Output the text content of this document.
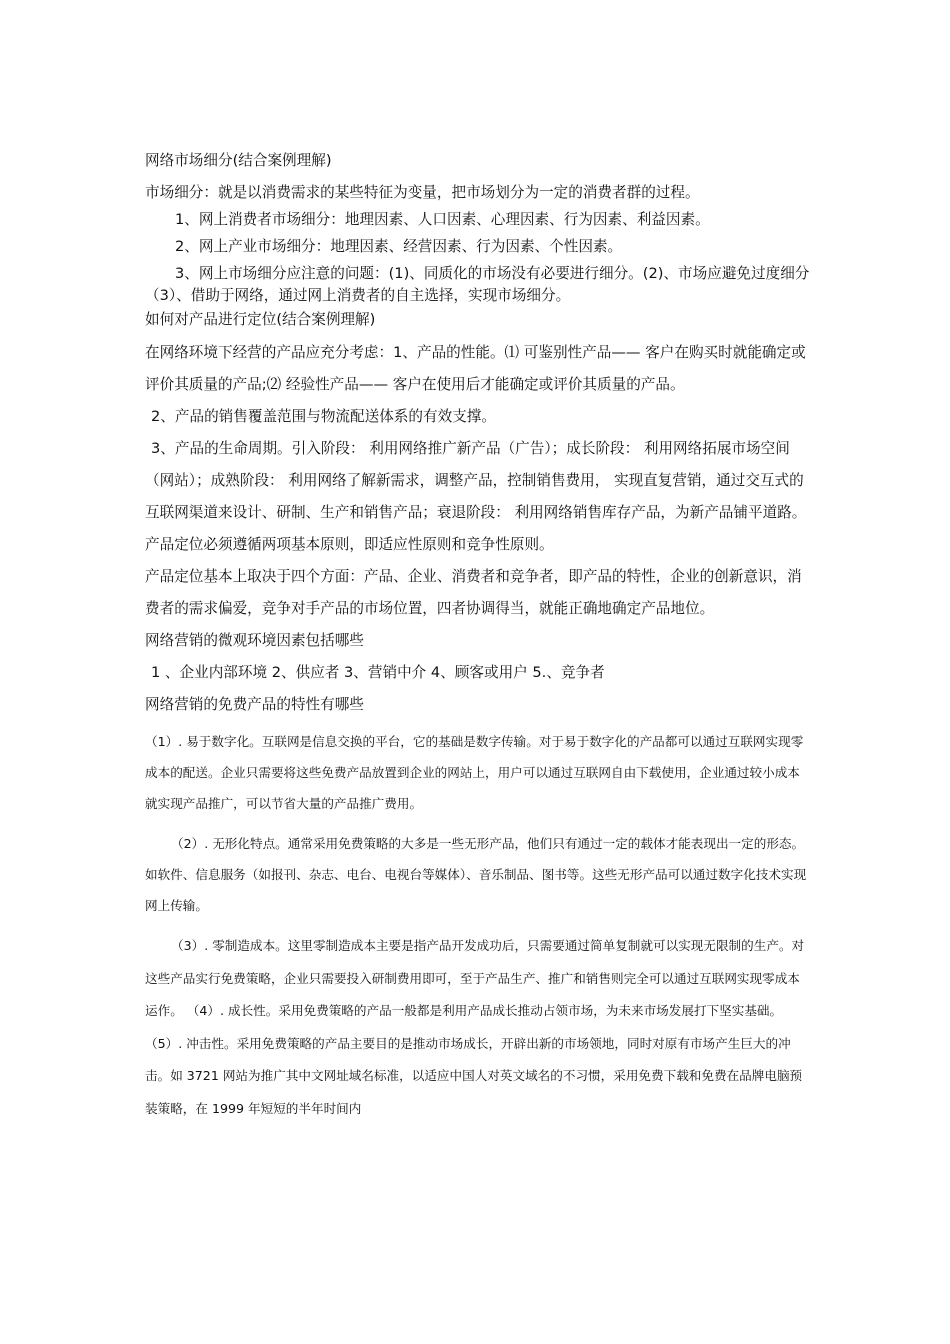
网络市场细分(结合案例理解)

市场细分：就是以消费需求的某些特征为变量，把市场划分为一定的消费者群的过程。

1、网上消费者市场细分：地理因素、人口因素、心理因素、行为因素、利益因素。

2、网上产业市场细分：地理因素、经营因素、行为因素、个性因素。

3、网上市场细分应注意的问题：(1)、同质化的市场没有必要进行细分。(2)、市场应避免过度细分（3）、借助于网络，通过网上消费者的自主选择，实现市场细分。

如何对产品进行定位(结合案例理解)

在网络环境下经营的产品应充分考虑：1、产品的性能。⑴ 可鉴别性产品—— 客户在购买时就能确定或评价其质量的产品;⑵ 经验性产品—— 客户在使用后才能确定或评价其质量的产品。

2、产品的销售覆盖范围与物流配送体系的有效支撑。

3、产品的生命周期。引入阶段： 利用网络推广新产品（广告）；成长阶段： 利用网络拓展市场空间（网站）；成熟阶段： 利用网络了解新需求，调整产品，控制销售费用， 实现直复营销，通过交互式的互联网渠道来设计、研制、生产和销售产品；衰退阶段： 利用网络销售库存产品，为新产品铺平道路。

产品定位必须遵循两项基本原则，即适应性原则和竞争性原则。

产品定位基本上取决于四个方面：产品、企业、消费者和竞争者，即产品的特性，企业的创新意识，消费者的需求偏爱，竞争对手产品的市场位置，四者协调得当，就能正确地确定产品地位。

网络营销的微观环境因素包括哪些

1 、企业内部环境 2、供应者 3、营销中介 4、顾客或用户 5.、竞争者

网络营销的免费产品的特性有哪些

（1）. 易于数字化。互联网是信息交换的平台，它的基础是数字传输。对于易于数字化的产品都可以通过互联网实现零成本的配送。企业只需要将这些免费产品放置到企业的网站上，用户可以通过互联网自由下载使用，企业通过较小成本就实现产品推广，可以节省大量的产品推广费用。

（2）. 无形化特点。通常采用免费策略的大多是一些无形产品，他们只有通过一定的载体才能表现出一定的形态。如软件、信息服务（如报刊、杂志、电台、电视台等媒体）、音乐制品、图书等。这些无形产品可以通过数字化技术实现网上传输。

（3）. 零制造成本。这里零制造成本主要是指产品开发成功后，只需要通过简单复制就可以实现无限制的生产。对这些产品实行免费策略，企业只需要投入研制费用即可，至于产品生产、推广和销售则完全可以通过互联网实现零成本运作。 （4）. 成长性。采用免费策略的产品一般都是利用产品成长推动占领市场，为未来市场发展打下坚实基础。 （5）. 冲击性。采用免费策略的产品主要目的是推动市场成长，开辟出新的市场领地，同时对原有市场产生巨大的冲击。如 3721 网站为推广其中文网址域名标准，以适应中国人对英文域名的不习惯，采用免费下载和免费在品牌电脑预装策略，在 1999 年短短的半年时间内
